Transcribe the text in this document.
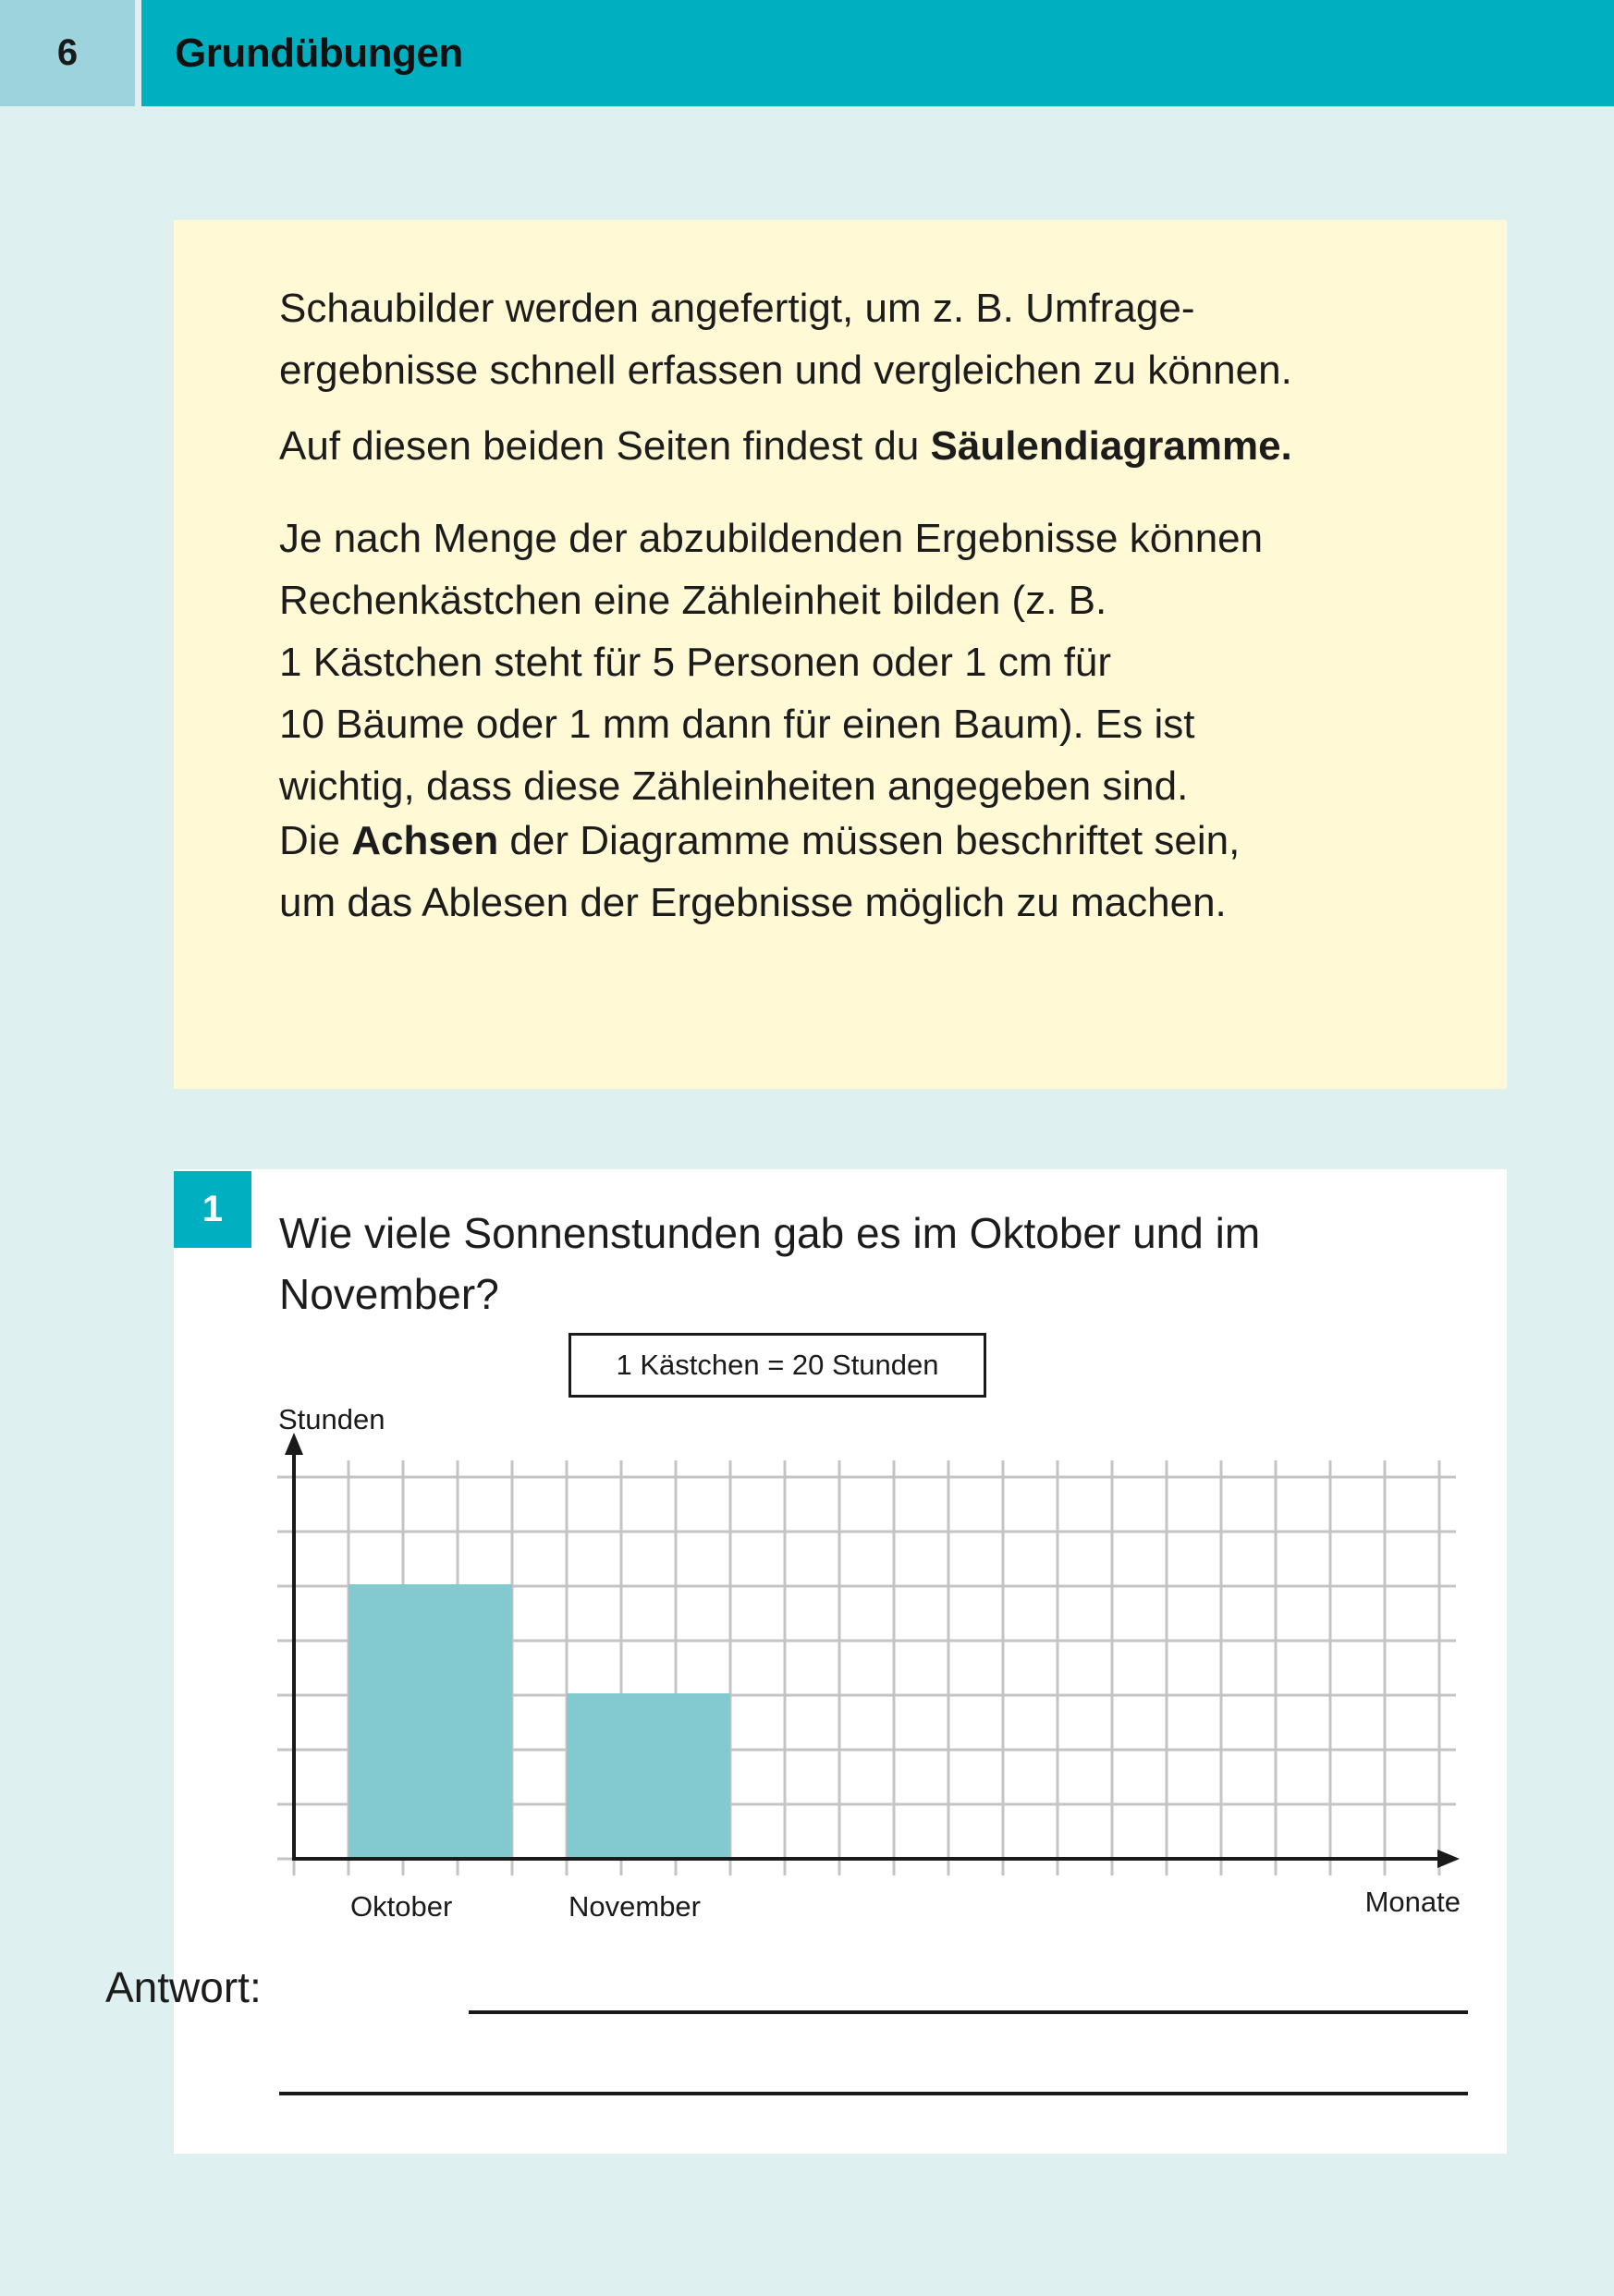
6	Grundübungen

Schaubilder werden angefertigt, um z. B. Umfrage-
ergebnisse schnell erfassen und vergleichen zu können.

Auf diesen beiden Seiten findest du Säulendiagramme.

Je nach Menge der abzubildenden Ergebnisse können
Rechenkästchen eine Zähleinheit bilden (z. B.
1 Kästchen steht für 5 Personen oder 1 cm für
10 Bäume oder 1 mm dann für einen Baum). Es ist
wichtig, dass diese Zähleinheiten angegeben sind.

Die Achsen der Diagramme müssen beschriftet sein,
um das Ablesen der Ergebnisse möglich zu machen.

1	Wie viele Sonnenstunden gab es im Oktober und im November?

1 Kästchen = 20 Stunden
Oktober	November
Stunden
Monate
Antwort:
